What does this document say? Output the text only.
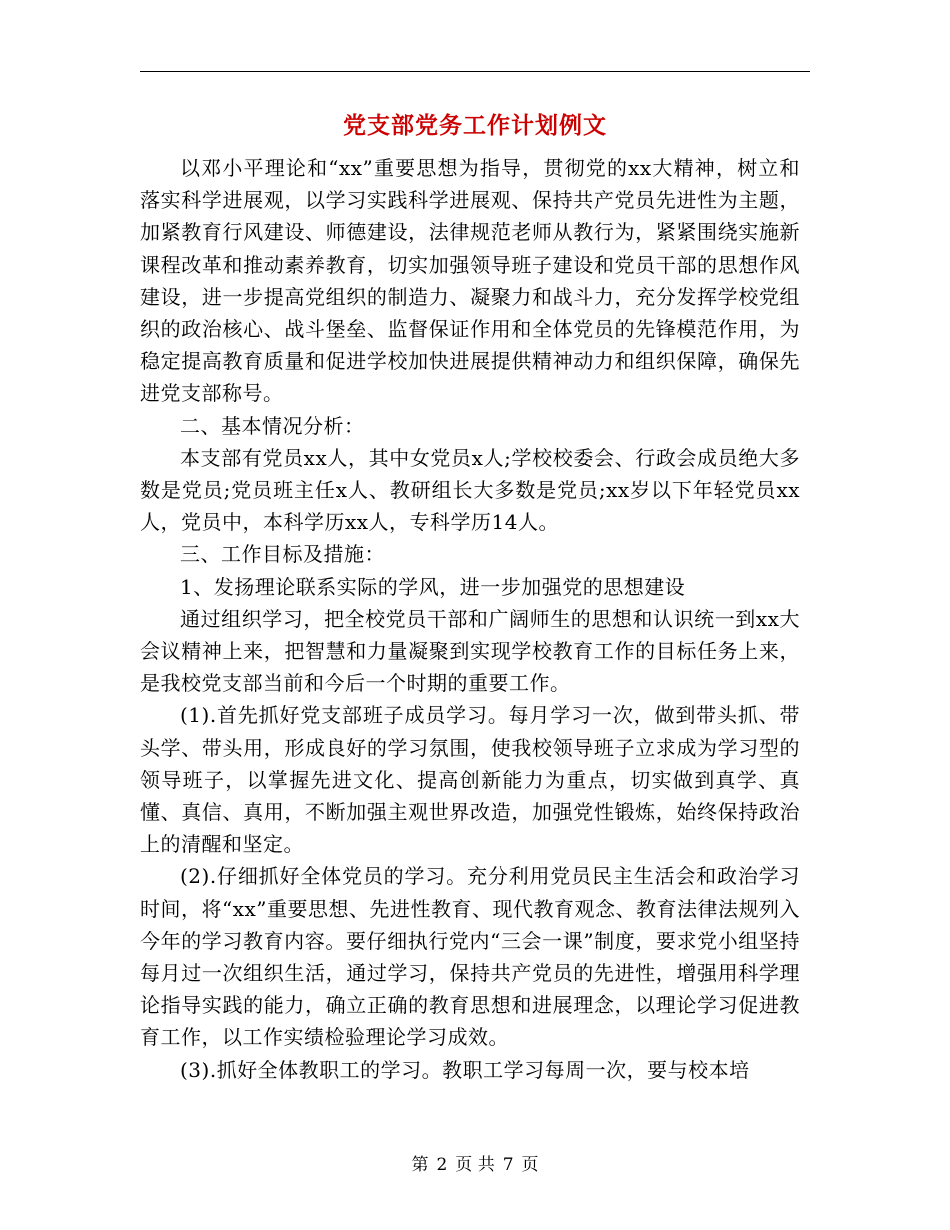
党支部党务工作计划例文

以邓小平理论和“xx”重要思想为指导，贯彻党的xx大精神，树立和落实科学进展观，以学习实践科学进展观、保持共产党员先进性为主题，加紧教育行风建设、师德建设，法律规范老师从教行为，紧紧围绕实施新课程改革和推动素养教育，切实加强领导班子建设和党员干部的思想作风建设，进一步提高党组织的制造力、凝聚力和战斗力，充分发挥学校党组织的政治核心、战斗堡垒、监督保证作用和全体党员的先锋模范作用，为稳定提高教育质量和促进学校加快进展提供精神动力和组织保障，确保先进党支部称号。

二、基本情况分析：

本支部有党员xx人，其中女党员x人;学校校委会、行政会成员绝大多数是党员;党员班主任x人、教研组长大多数是党员;xx岁以下年轻党员xx人，党员中，本科学历xx人，专科学历14人。

三、工作目标及措施：

1、发扬理论联系实际的学风，进一步加强党的思想建设

通过组织学习，把全校党员干部和广阔师生的思想和认识统一到xx大会议精神上来，把智慧和力量凝聚到实现学校教育工作的目标任务上来，是我校党支部当前和今后一个时期的重要工作。

(1).首先抓好党支部班子成员学习。每月学习一次，做到带头抓、带头学、带头用，形成良好的学习氛围，使我校领导班子立求成为学习型的领导班子，以掌握先进文化、提高创新能力为重点，切实做到真学、真懂、真信、真用，不断加强主观世界改造，加强党性锻炼，始终保持政治上的清醒和坚定。

(2).仔细抓好全体党员的学习。充分利用党员民主生活会和政治学习时间，将“xx”重要思想、先进性教育、现代教育观念、教育法律法规列入今年的学习教育内容。要仔细执行党内“三会一课”制度，要求党小组坚持每月过一次组织生活，通过学习，保持共产党员的先进性，增强用科学理论指导实践的能力，确立正确的教育思想和进展理念，以理论学习促进教育工作，以工作实绩检验理论学习成效。

(3).抓好全体教职工的学习。教职工学习每周一次，要与校本培

第 2 页 共 7 页
